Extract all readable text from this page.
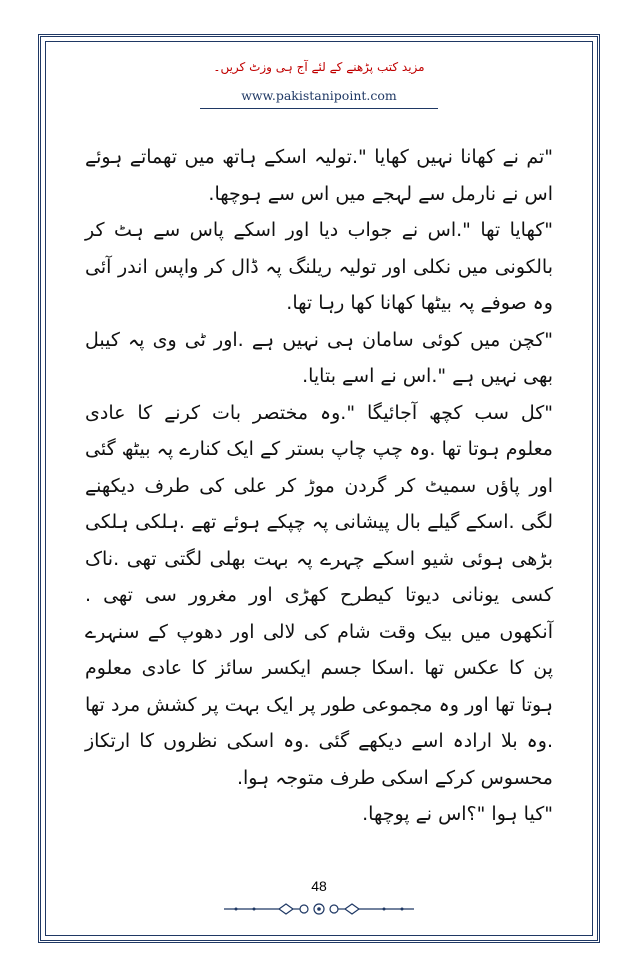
مزید کتب پڑھنے کے لئے آج ہی وزٹ کریں۔
www.pakistanipoint.com

"تم نے کھانا نہیں کھایا ".تولیہ اسکے ہاتھ میں تھماتے ہوئے اس نے نارمل سے لہجے میں اس سے ہوچھا.

"کھایا تھا ".اس نے جواب دیا اور اسکے پاس سے ہٹ کر بالکونی میں نکلی اور تولیہ ریلنگ پہ ڈال کر واپس اندر آئی وہ صوفے پہ بیٹھا کھانا کھا رہا تھا.

"کچن میں کوئی سامان ہی نہیں ہے .اور ٹی وی پہ کیبل بھی نہیں ہے ".اس نے اسے بتایا.

"کل سب کچھ آجائیگا ".وہ مختصر بات کرنے کا عادی معلوم ہوتا تھا .وہ چپ چاپ بستر کے ایک کنارے پہ بیٹھ گئی اور پاؤں سمیٹ کر گردن موڑ کر علی کی طرف دیکھنے لگی .اسکے گیلے بال پیشانی پہ چپکے ہوئے تھے .ہلکی ہلکی بڑھی ہوئی شیو اسکے چہرے پہ بہت بھلی لگتی تھی .ناک کسی یونانی دیوتا کیطرح کھڑی اور مغرور سی تھی . آنکھوں میں بیک وقت شام کی لالی اور دھوپ کے سنہرے پن کا عکس تھا .اسکا جسم ایکسر سائز کا عادی معلوم ہوتا تھا اور وہ مجموعی طور پر ایک بہت پر کشش مرد تھا .وہ بلا ارادہ اسے دیکھے گئی .وہ اسکی نظروں کا ارتکاز محسوس کرکے اسکی طرف متوجہ ہوا.

"کیا ہوا "؟اس نے پوچھا.

48
